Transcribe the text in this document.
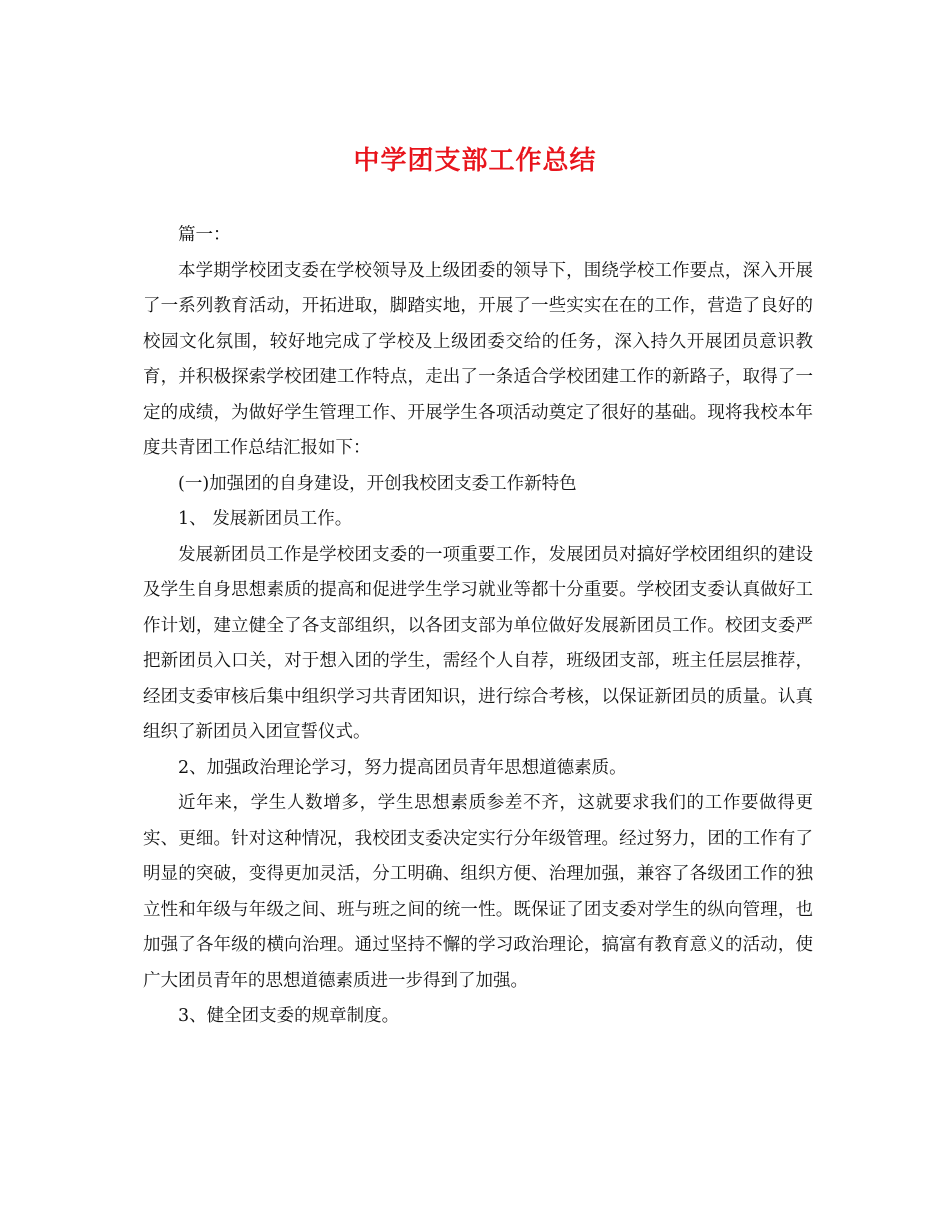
中学团支部工作总结

篇一：

本学期学校团支委在学校领导及上级团委的领导下，围绕学校工作要点，深入开展了一系列教育活动，开拓进取，脚踏实地，开展了一些实实在在的工作，营造了良好的校园文化氛围，较好地完成了学校及上级团委交给的任务，深入持久开展团员意识教育，并积极探索学校团建工作特点，走出了一条适合学校团建工作的新路子，取得了一定的成绩，为做好学生管理工作、开展学生各项活动奠定了很好的基础。现将我校本年度共青团工作总结汇报如下：

(一)加强团的自身建设，开创我校团支委工作新特色

1、 发展新团员工作。

发展新团员工作是学校团支委的一项重要工作，发展团员对搞好学校团组织的建设及学生自身思想素质的提高和促进学生学习就业等都十分重要。学校团支委认真做好工作计划，建立健全了各支部组织，以各团支部为单位做好发展新团员工作。校团支委严把新团员入口关，对于想入团的学生，需经个人自荐，班级团支部，班主任层层推荐，经团支委审核后集中组织学习共青团知识，进行综合考核，以保证新团员的质量。认真组织了新团员入团宣誓仪式。

2、加强政治理论学习，努力提高团员青年思想道德素质。

近年来，学生人数增多，学生思想素质参差不齐，这就要求我们的工作要做得更实、更细。针对这种情况，我校团支委决定实行分年级管理。经过努力，团的工作有了明显的突破，变得更加灵活，分工明确、组织方便、治理加强，兼容了各级团工作的独立性和年级与年级之间、班与班之间的统一性。既保证了团支委对学生的纵向管理，也加强了各年级的横向治理。通过坚持不懈的学习政治理论，搞富有教育意义的活动，使广大团员青年的思想道德素质进一步得到了加强。

3、健全团支委的规章制度。
